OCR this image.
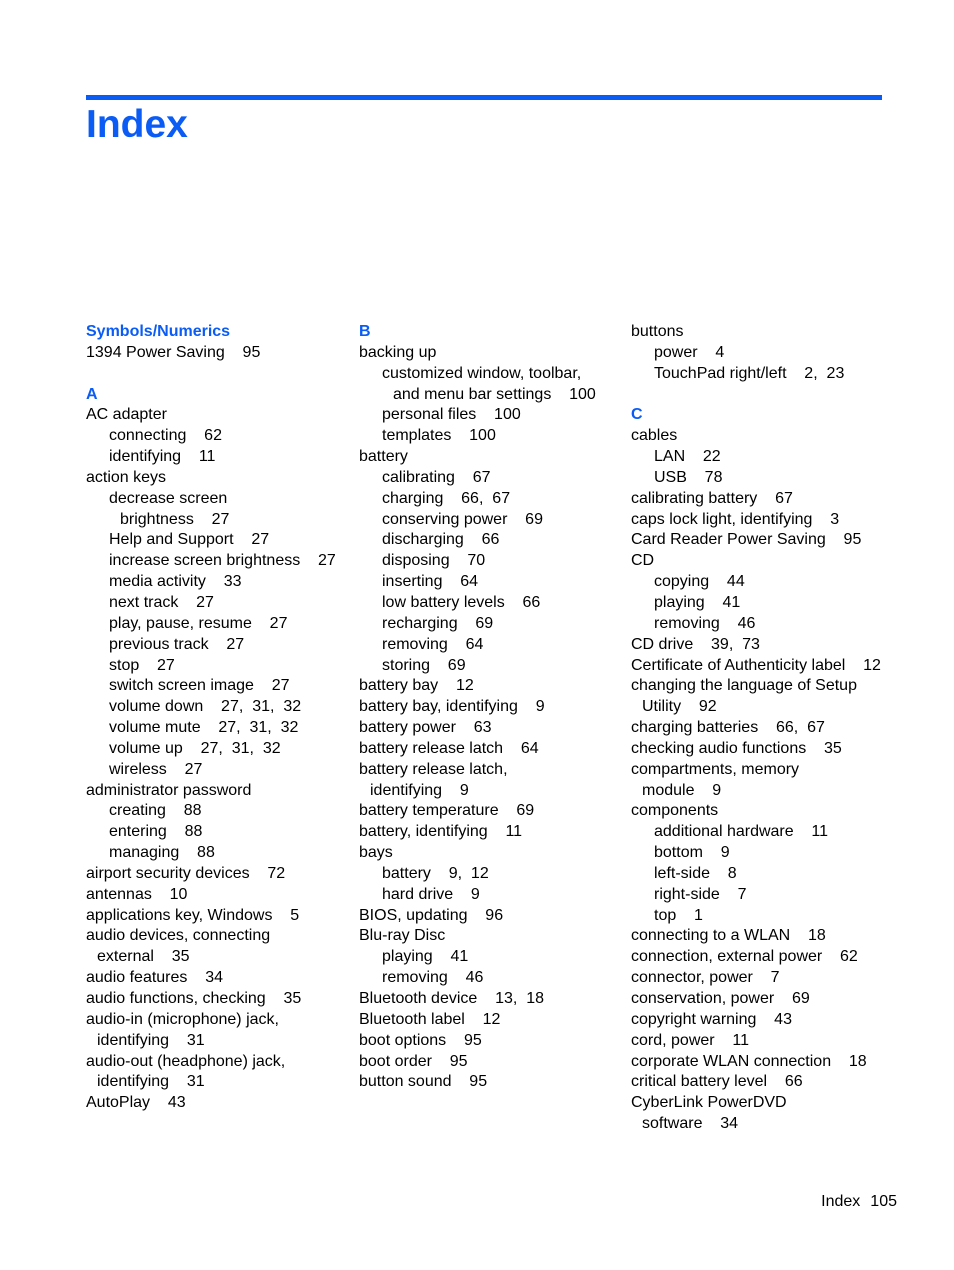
Index
Symbols/Numerics
1394 Power Saving    95
A
AC adapter
connecting    62
identifying    11
action keys
decrease screen
brightness    27
Help and Support    27
increase screen brightness    27
media activity    33
next track    27
play, pause, resume    27
previous track    27
stop    27
switch screen image    27
volume down    27,  31,  32
volume mute    27,  31,  32
volume up    27,  31,  32
wireless    27
administrator password
creating    88
entering    88
managing    88
airport security devices    72
antennas    10
applications key, Windows    5
audio devices, connecting
external    35
audio features    34
audio functions, checking    35
audio-in (microphone) jack,
identifying    31
audio-out (headphone) jack,
identifying    31
AutoPlay    43
B
backing up
customized window, toolbar,
and menu bar settings    100
personal files    100
templates    100
battery
calibrating    67
charging    66,  67
conserving power    69
discharging    66
disposing    70
inserting    64
low battery levels    66
recharging    69
removing    64
storing    69
battery bay    12
battery bay, identifying    9
battery power    63
battery release latch    64
battery release latch,
identifying    9
battery temperature    69
battery, identifying    11
bays
battery    9,  12
hard drive    9
BIOS, updating    96
Blu-ray Disc
playing    41
removing    46
Bluetooth device    13,  18
Bluetooth label    12
boot options    95
boot order    95
button sound    95
buttons
power    4
TouchPad right/left    2,  23
C
cables
LAN    22
USB    78
calibrating battery    67
caps lock light, identifying    3
Card Reader Power Saving    95
CD
copying    44
playing    41
removing    46
CD drive    39,  73
Certificate of Authenticity label    12
changing the language of Setup
Utility    92
charging batteries    66,  67
checking audio functions    35
compartments, memory
module    9
components
additional hardware    11
bottom    9
left-side    8
right-side    7
top    1
connecting to a WLAN    18
connection, external power    62
connector, power    7
conservation, power    69
copyright warning    43
cord, power    11
corporate WLAN connection    18
critical battery level    66
CyberLink PowerDVD
software    34
Index 105
